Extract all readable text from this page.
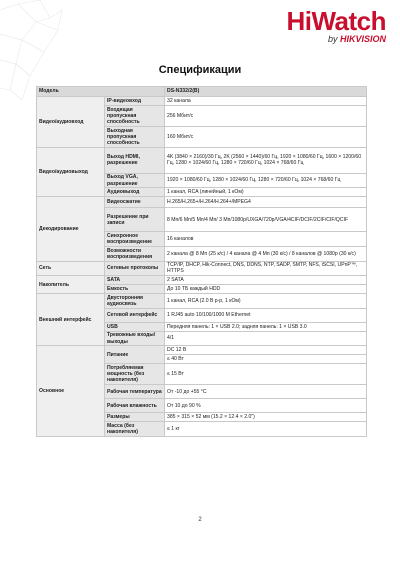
HiWatch
by HIKVISION
Спецификации
Модель		DS-N332/2(B)
Видео/аудиовход	IP-видеовход	32 канала
	Входящая пропускная способность	256 Мбит/с
	Выходная пропускная способность	160 Мбит/с
Видео/аудиовыход	Выход HDMI, разрешение	4K (3840 × 2160)/30 Гц, 2K (2560 × 1440)/60 Гц, 1920 × 1080/60 Гц, 1600 × 1200/60 Гц, 1280 × 1024/60 Гц, 1280 × 720/60 Гц, 1024 × 768/60 Гц
	Выход VGA, разрешение	1920 × 1080/60 Гц, 1280 × 1024/60 Гц, 1280 × 720/60 Гц, 1024 × 768/60 Гц
	Аудиовыход	1 канал, RCA (линейный, 1 кОм)
Декодирование	Видеосжатие	H.265/H.265+/H.264/H.264+/MPEG4
	Разрешение при записи	8 Мп/6 Мп/5 Мп/4 Мп/ 3 Мп/1080p/UXGA/720p/VGA/4CIF/DCIF/2CIF/CIF/QCIF
	Синхронное воспроизведение	16 каналов
	Возможности воспроизведения	2 канала @ 8 Мп (25 к/с) / 4 канала @ 4 Мп (30 к/с) / 8 каналов @ 1080p (30 к/с)
Сеть	Сетевые протоколы	TCP/IP, DHCP, Hik-Connect, DNS, DDNS, NTP, SADP, SMTP, NFS, iSCSI, UPnP™, HTTPS
Накопитель	SATA	2 SATA
	Емкость	До 10 ТБ каждый HDD
Внешний интерфейс	Двусторонняя аудиосвязь	1 канал, RCA (2.0 В p-p, 1 кОм)
	Сетевой интерфейс	1 RJ45 auto 10/100/1000 M Ethernet
	USB	Передняя панель: 1 × USB 2.0; задняя панель: 1 × USB 3.0
	Тревожные входы/выходы	4/1
Основное	Питание	DC 12 В
		≤ 40 Вт
	Потребляемая мощность (без накопителя)	≤ 15 Вт
	Рабочая температура	От -10 до +55 °C
	Рабочая влажность	От 10 до 90 %
	Размеры	385 × 315 × 52 мм (15.2 × 12.4 × 2.0")
	Масса (без накопителя)	≤ 1 кг
2
